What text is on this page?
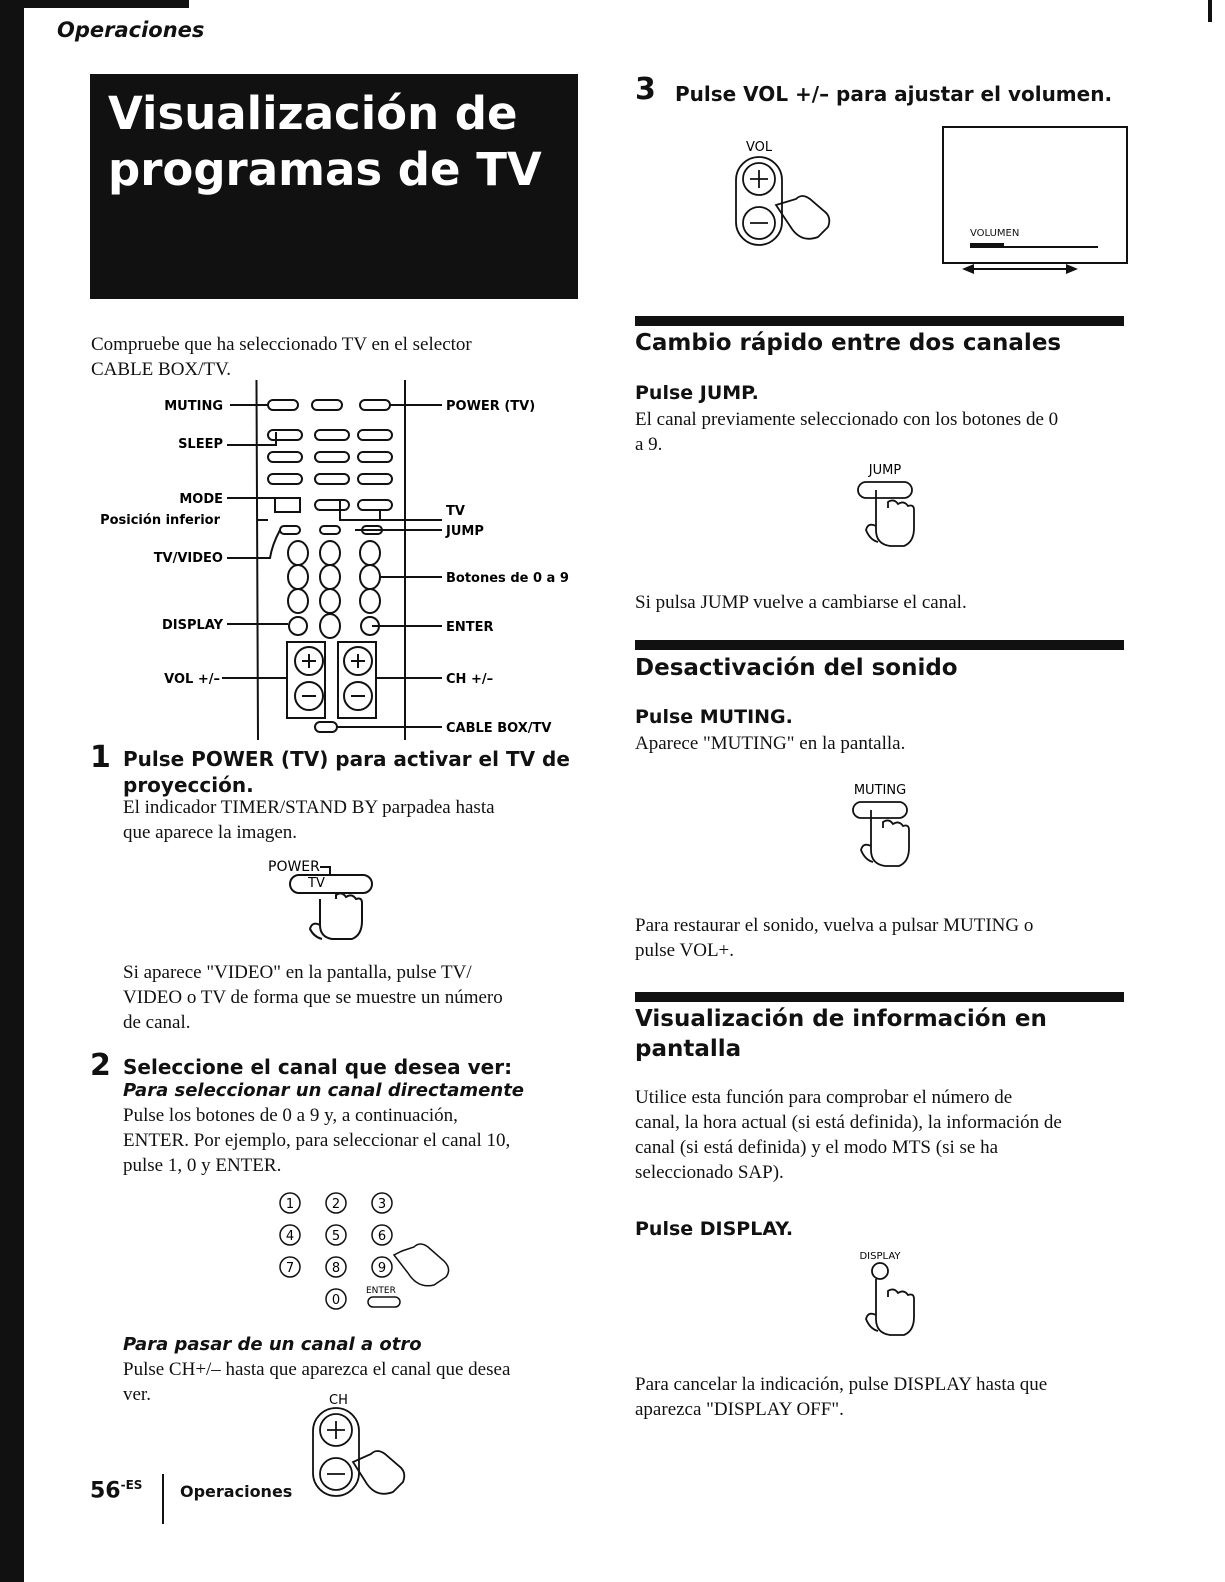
Operaciones
Visualización de
programas de TV
Compruebe que ha seleccionado TV en el selector
CABLE BOX/TV.
MUTING
SLEEP
MODE
Posición inferior
TV/VIDEO
DISPLAY
VOL +/–
POWER (TV)
TV
JUMP
Botones de 0 a 9
ENTER
CH +/–
CABLE BOX/TV
1 Pulse POWER (TV) para activar el TV de
proyección.
El indicador TIMER/STAND BY parpadea hasta
que aparece la imagen.
POWER
TV
Si aparece "VIDEO" en la pantalla, pulse TV/
VIDEO o TV de forma que se muestre un número
de canal.
2 Seleccione el canal que desea ver:
Para seleccionar un canal directamente
Pulse los botones de 0 a 9 y, a continuación,
ENTER. Por ejemplo, para seleccionar el canal 10,
pulse 1, 0 y ENTER.
1	2	3
4	5	6
7	8	9
0
ENTER
Para pasar de un canal a otro
Pulse CH+/– hasta que aparezca el canal que desea
ver.	CH
$56^{-ES}$ Operaciones
3 Pulse VOL +/– para ajustar el volumen.
VOL
VOLUMEN
Cambio rápido entre dos canales
Pulse JUMP.
El canal previamente seleccionado con los botones de 0
a 9.
JUMP
Si pulsa JUMP vuelve a cambiarse el canal.
Desactivación del sonido
Pulse MUTING.
Aparece "MUTING" en la pantalla.
MUTING
Para restaurar el sonido, vuelva a pulsar MUTING o
pulse VOL+.
Visualización de información en
pantalla
Utilice esta función para comprobar el número de
canal, la hora actual (si está definida), la información de
canal (si está definida) y el modo MTS (si se ha
seleccionado SAP).
Pulse DISPLAY.
DISPLAY
Para cancelar la indicación, pulse DISPLAY hasta que
aparezca "DISPLAY OFF".
